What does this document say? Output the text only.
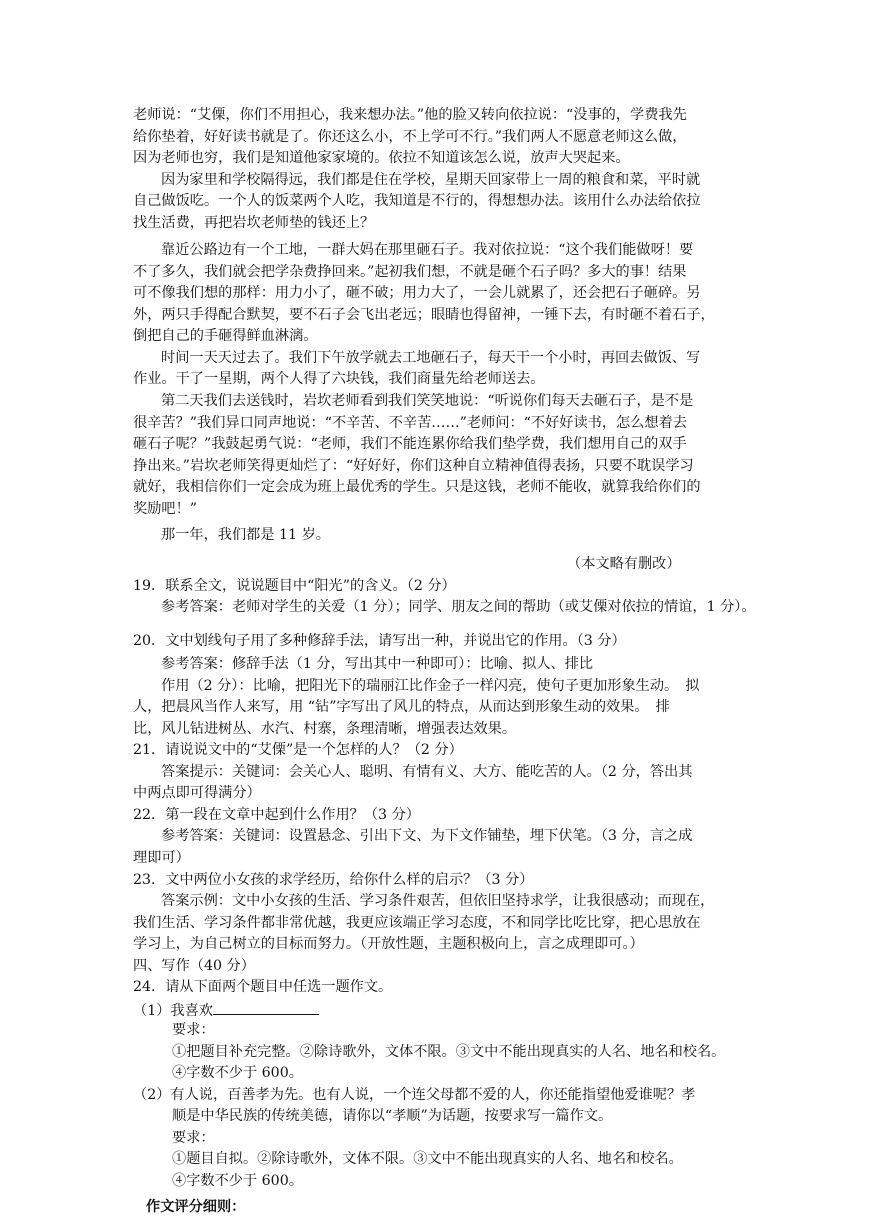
老师说：“艾傈，你们不用担心，我来想办法。”他的脸又转向依拉说：“没事的，学费我先
给你垫着，好好读书就是了。你还这么小，不上学可不行。”我们两人不愿意老师这么做，
因为老师也穷，我们是知道他家家境的。依拉不知道该怎么说，放声大哭起来。
因为家里和学校隔得远，我们都是住在学校，星期天回家带上一周的粮食和菜，平时就
自己做饭吃。一个人的饭菜两个人吃，我知道是不行的，得想想办法。该用什么办法给依拉
找生活费，再把岩坎老师垫的钱还上？
靠近公路边有一个工地，一群大妈在那里砸石子。我对依拉说：“这个我们能做呀！要
不了多久，我们就会把学杂费挣回来。”起初我们想，不就是砸个石子吗？多大的事！结果
可不像我们想的那样：用力小了，砸不破；用力大了，一会儿就累了，还会把石子砸碎。另
外，两只手得配合默契，要不石子会飞出老远；眼睛也得留神，一锤下去，有时砸不着石子，
倒把自己的手砸得鲜血淋漓。
时间一天天过去了。我们下午放学就去工地砸石子，每天干一个小时，再回去做饭、写
作业。干了一星期，两个人得了六块钱，我们商量先给老师送去。
第二天我们去送钱时，岩坎老师看到我们笑笑地说：“听说你们每天去砸石子，是不是
很辛苦？”我们异口同声地说：“不辛苦、不辛苦……”老师问：“不好好读书，怎么想着去
砸石子呢？”我鼓起勇气说：“老师，我们不能连累你给我们垫学费，我们想用自己的双手
挣出来。”岩坎老师笑得更灿烂了：“好好好，你们这种自立精神值得表扬，只要不耽误学习
就好，我相信你们一定会成为班上最优秀的学生。只是这钱，老师不能收，就算我给你们的
奖励吧！”
那一年，我们都是 11 岁。
（本文略有删改）
19．联系全文，说说题目中“阳光”的含义。（2 分）
参考答案：老师对学生的关爱（1 分）；同学、朋友之间的帮助（或艾傈对依拉的情谊，1 分）。
20．文中划线句子用了多种修辞手法，请写出一种，并说出它的作用。（3 分）
参考答案：修辞手法（1 分，写出其中一种即可）：比喻、拟人、排比
作用（2 分）：比喻，把阳光下的瑞丽江比作金子一样闪亮，使句子更加形象生动。　拟
人，把晨风当作人来写，用 “钻”字写出了风儿的特点，从而达到形象生动的效果。　排
比，风儿钻进树丛、水汽、村寨，条理清晰，增强表达效果。
21．请说说文中的“艾傈”是一个怎样的人？（2 分）
答案提示：关键词：会关心人、聪明、有情有义、大方、能吃苦的人。（2 分，答出其
中两点即可得满分）
22．第一段在文章中起到什么作用？（3 分）
参考答案：关键词：设置悬念、引出下文、为下文作铺垫，埋下伏笔。（3 分，言之成
理即可）
23．文中两位小女孩的求学经历，给你什么样的启示？（3 分）
答案示例：文中小女孩的生活、学习条件艰苦，但依旧坚持求学，让我很感动；而现在，
我们生活、学习条件都非常优越，我更应该端正学习态度，不和同学比吃比穿，把心思放在
学习上，为自己树立的目标而努力。（开放性题，主题积极向上，言之成理即可。）
四、写作（40 分）
24．请从下面两个题目中任选一题作文。
（1）我喜欢
要求：
①把题目补充完整。②除诗歌外，文体不限。③文中不能出现真实的人名、地名和校名。
④字数不少于 600。
（2）有人说，百善孝为先。也有人说，一个连父母都不爱的人，你还能指望他爱谁呢？孝
顺是中华民族的传统美德，请你以“孝顺”为话题，按要求写一篇作文。
要求：
①题目自拟。②除诗歌外，文体不限。③文中不能出现真实的人名、地名和校名。
④字数不少于 600。
作文评分细则：
